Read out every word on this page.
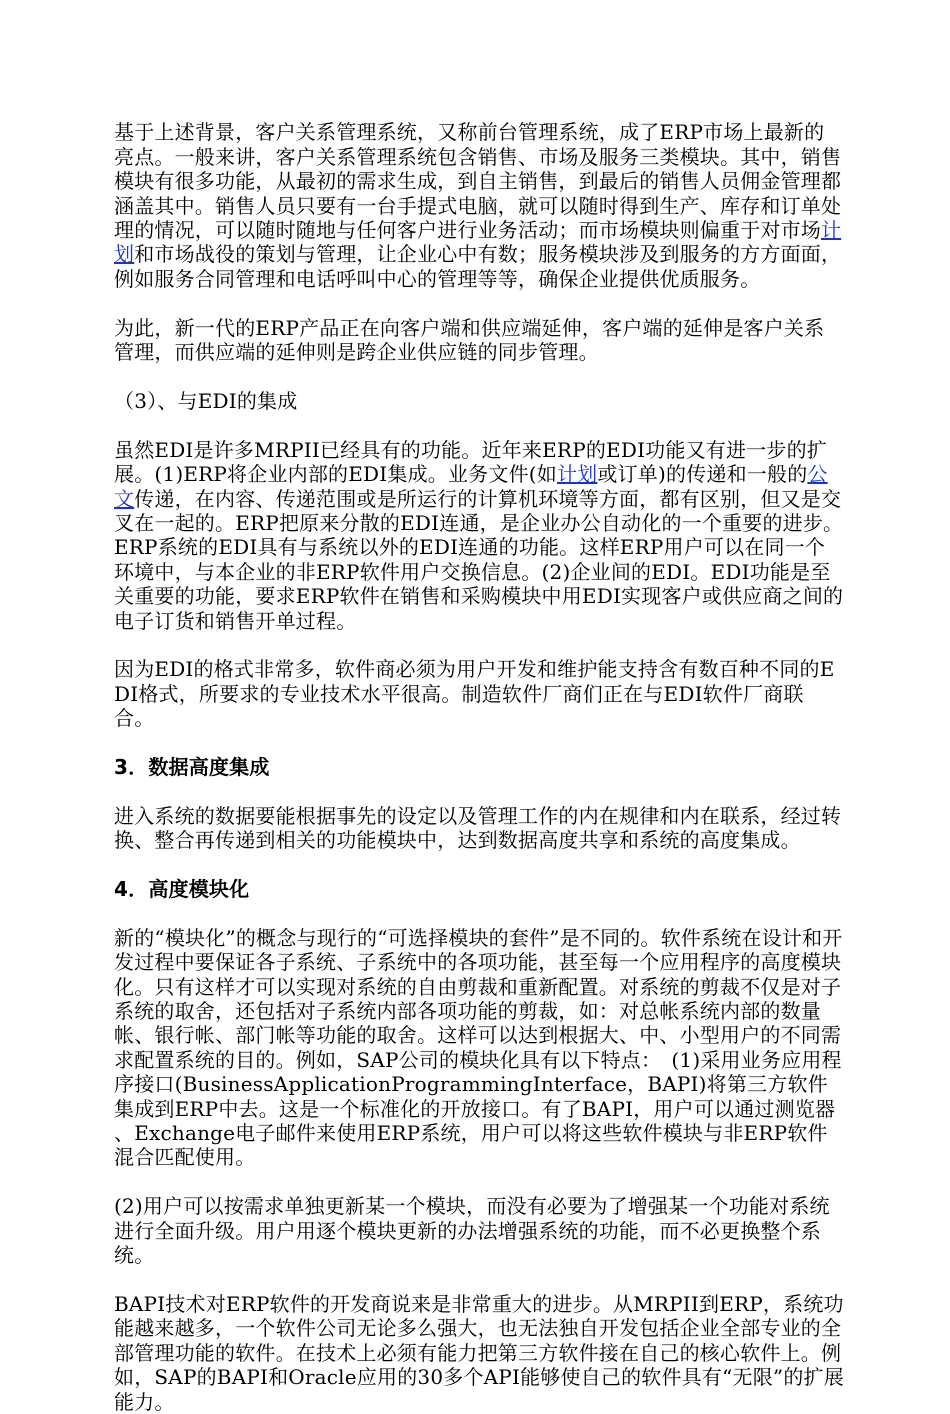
基于上述背景，客户关系管理系统，又称前台管理系统，成了ERP市场上最新的亮点。一般来讲，客户关系管理系统包含销售、市场及服务三类模块。其中，销售模块有很多功能，从最初的需求生成，到自主销售，到最后的销售人员佣金管理都涵盖其中。销售人员只要有一台手提式电脑，就可以随时得到生产、库存和订单处理的情况，可以随时随地与任何客户进行业务活动；而市场模块则偏重于对市场计划和市场战役的策划与管理，让企业心中有数；服务模块涉及到服务的方方面面，例如服务合同管理和电话呼叫中心的管理等等，确保企业提供优质服务。

为此，新一代的ERP产品正在向客户端和供应端延伸，客户端的延伸是客户关系管理，而供应端的延伸则是跨企业供应链的同步管理。

（3）、与EDI的集成

虽然EDI是许多MRPII已经具有的功能。近年来ERP的EDI功能又有进一步的扩展。(1)ERP将企业内部的EDI集成。业务文件(如计划或订单)的传递和一般的公文传递，在内容、传递范围或是所运行的计算机环境等方面，都有区别，但又是交叉在一起的。ERP把原来分散的EDI连通，是企业办公自动化的一个重要的进步。ERP系统的EDI具有与系统以外的EDI连通的功能。这样ERP用户可以在同一个环境中，与本企业的非ERP软件用户交换信息。(2)企业间的EDI。EDI功能是至关重要的功能，要求ERP软件在销售和采购模块中用EDI实现客户或供应商之间的电子订货和销售开单过程。

因为EDI的格式非常多，软件商必须为用户开发和维护能支持含有数百种不同的EDI格式，所要求的专业技术水平很高。制造软件厂商们正在与EDI软件厂商联合。

3．数据高度集成

进入系统的数据要能根据事先的设定以及管理工作的内在规律和内在联系，经过转换、整合再传递到相关的功能模块中，达到数据高度共享和系统的高度集成。

4．高度模块化

新的“模块化”的概念与现行的“可选择模块的套件”是不同的。软件系统在设计和开发过程中要保证各子系统、子系统中的各项功能，甚至每一个应用程序的高度模块化。只有这样才可以实现对系统的自由剪裁和重新配置。对系统的剪裁不仅是对子系统的取舍，还包括对子系统内部各项功能的剪裁，如：对总帐系统内部的数量帐、银行帐、部门帐等功能的取舍。这样可以达到根据大、中、小型用户的不同需求配置系统的目的。例如，SAP公司的模块化具有以下特点：　(1)采用业务应用程序接口(BusinessApplicationProgrammingInterface，BAPI)将第三方软件集成到ERP中去。这是一个标准化的开放接口。有了BAPI，用户可以通过测览器 、Exchange电子邮件来使用ERP系统，用户可以将这些软件模块与非ERP软件混合匹配使用。

(2)用户可以按需求单独更新某一个模块，而没有必要为了增强某一个功能对系统进行全面升级。用户用逐个模块更新的办法增强系统的功能，而不必更换整个系统。

BAPI技术对ERP软件的开发商说来是非常重大的进步。从MRPII到ERP，系统功能越来越多，一个软件公司无论多么强大，也无法独自开发包括企业全部专业的全部管理功能的软件。在技术上必须有能力把第三方软件接在自己的核心软件上。例如，SAP的BAPI和Oracle应用的30多个API能够使自己的软件具有“无限”的扩展能力。
